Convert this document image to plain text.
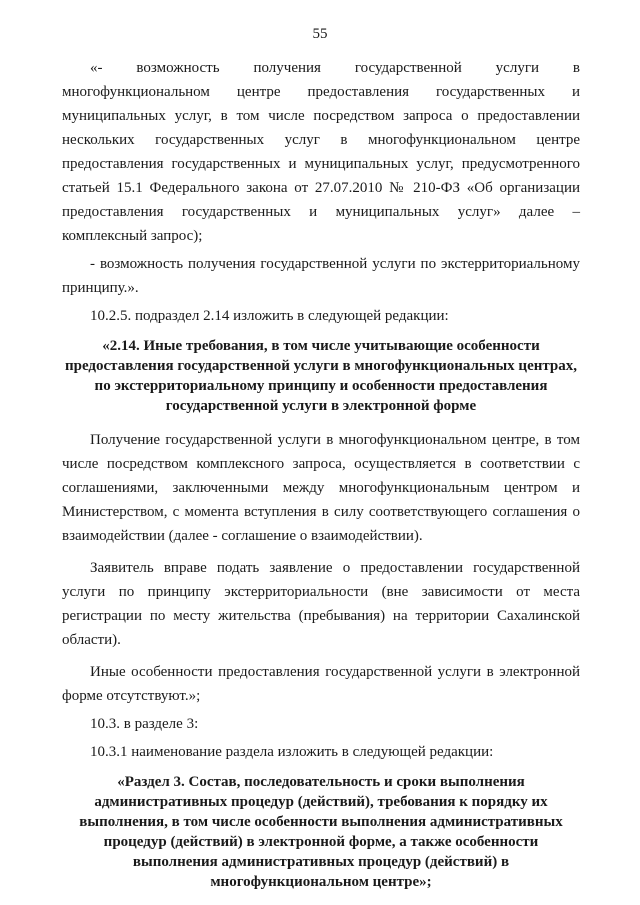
55

«- возможность получения государственной услуги в многофункциональном центре предоставления государственных и муниципальных услуг, в том числе посредством запроса о предоставлении нескольких государственных услуг в многофункциональном центре предоставления государственных и муниципальных услуг, предусмотренного статьей 15.1 Федерального закона от 27.07.2010 № 210-ФЗ «Об организации предоставления государственных и муниципальных услуг» далее – комплексный запрос);

- возможность получения государственной услуги по экстерриториальному принципу.».

10.2.5. подраздел 2.14 изложить в следующей редакции:

«2.14. Иные требования, в том числе учитывающие особенности предоставления государственной услуги в многофункциональных центрах, по экстерриториальному принципу и особенности предоставления государственной услуги в электронной форме

Получение государственной услуги в многофункциональном центре, в том числе посредством комплексного запроса, осуществляется в соответствии с соглашениями, заключенными между многофункциональным центром и Министерством, с момента вступления в силу соответствующего соглашения о взаимодействии (далее - соглашение о взаимодействии).

Заявитель вправе подать заявление о предоставлении государственной услуги по принципу экстерриториальности (вне зависимости от места регистрации по месту жительства (пребывания) на территории Сахалинской области).

Иные особенности предоставления государственной услуги в электронной форме отсутствуют.»;

10.3. в разделе 3:

10.3.1 наименование раздела изложить в следующей редакции:

«Раздел 3. Состав, последовательность и сроки выполнения административных процедур (действий), требования к порядку их выполнения, в том числе особенности выполнения административных процедур (действий) в электронной форме, а также особенности выполнения административных процедур (действий) в многофункциональном центре»;
